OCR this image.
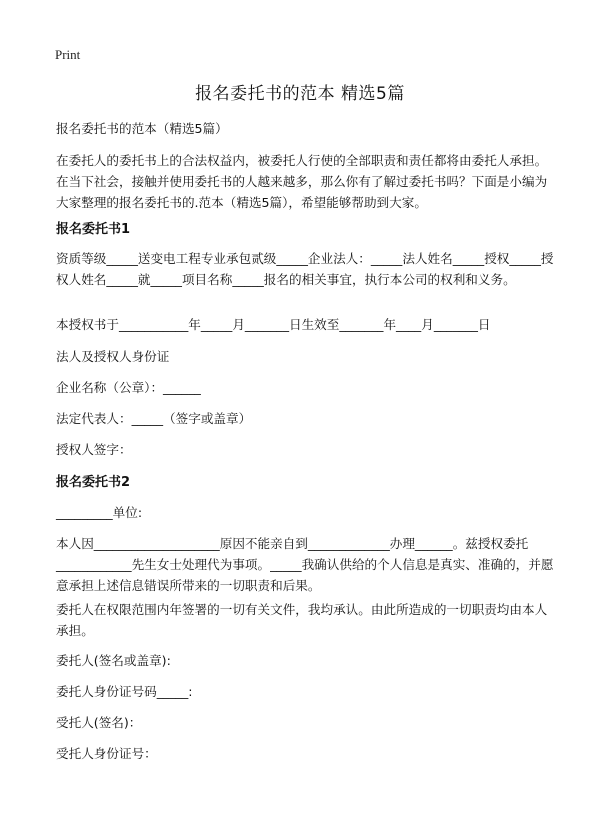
Print
报名委托书的范本 精选5篇

报名委托书的范本（精选5篇）

在委托人的委托书上的合法权益内，被委托人行使的全部职责和责任都将由委托人承担。在当下社会，接触并使用委托书的人越来越多，那么你有了解过委托书吗？下面是小编为大家整理的报名委托书的.范本（精选5篇），希望能够帮助到大家。

报名委托书1

资质等级_____送变电工程专业承包贰级_____企业法人：_____法人姓名_____授权_____授权人姓名_____就_____项目名称_____报名的相关事宜，执行本公司的权利和义务。

本授权书于___________年_____月_______日生效至_______年____月_______日

法人及授权人身份证

企业名称（公章）：______

法定代表人：_____（签字或盖章）

授权人签字：

报名委托书2

_________单位:

本人因____________________原因不能亲自到_____________办理______。兹授权委托____________先生女士处理代为事项。_____我确认供给的个人信息是真实、准确的，并愿意承担上述信息错误所带来的一切职责和后果。

委托人在权限范围内年签署的一切有关文件，我均承认。由此所造成的一切职责均由本人承担。

委托人(签名或盖章):

委托人身份证号码_____:

受托人(签名)：

受托人身份证号：
